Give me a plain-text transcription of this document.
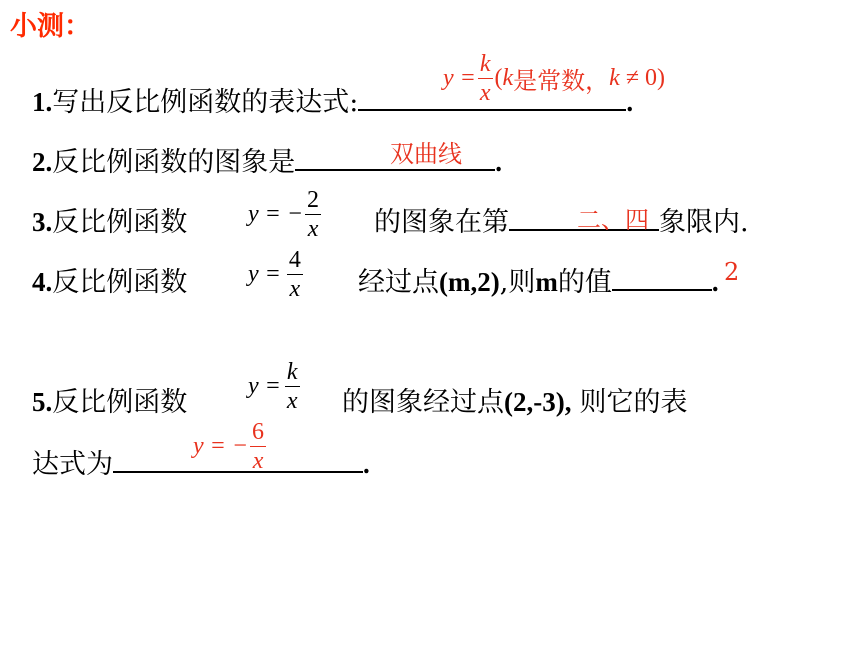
小测：
1.写出反比例函数的表达式:	.
$y = \frac{k}{x}$ ( k 是常数， k ≠ 0)
2.反比例函数的图象是	.
双曲线
3.反比例函数	y = − $\frac{2}{x}$ 的图象在第	象限内.
二、四
4.反比例函数	$y = \frac{4}{x}$ 经过点(m,2),则m的值	. 2
5.反比例函数
$y = \frac{k}{x}$ 的图象经过点(2,-3), 则它的表
达式为	.
y = − $\frac{6}{x}$
